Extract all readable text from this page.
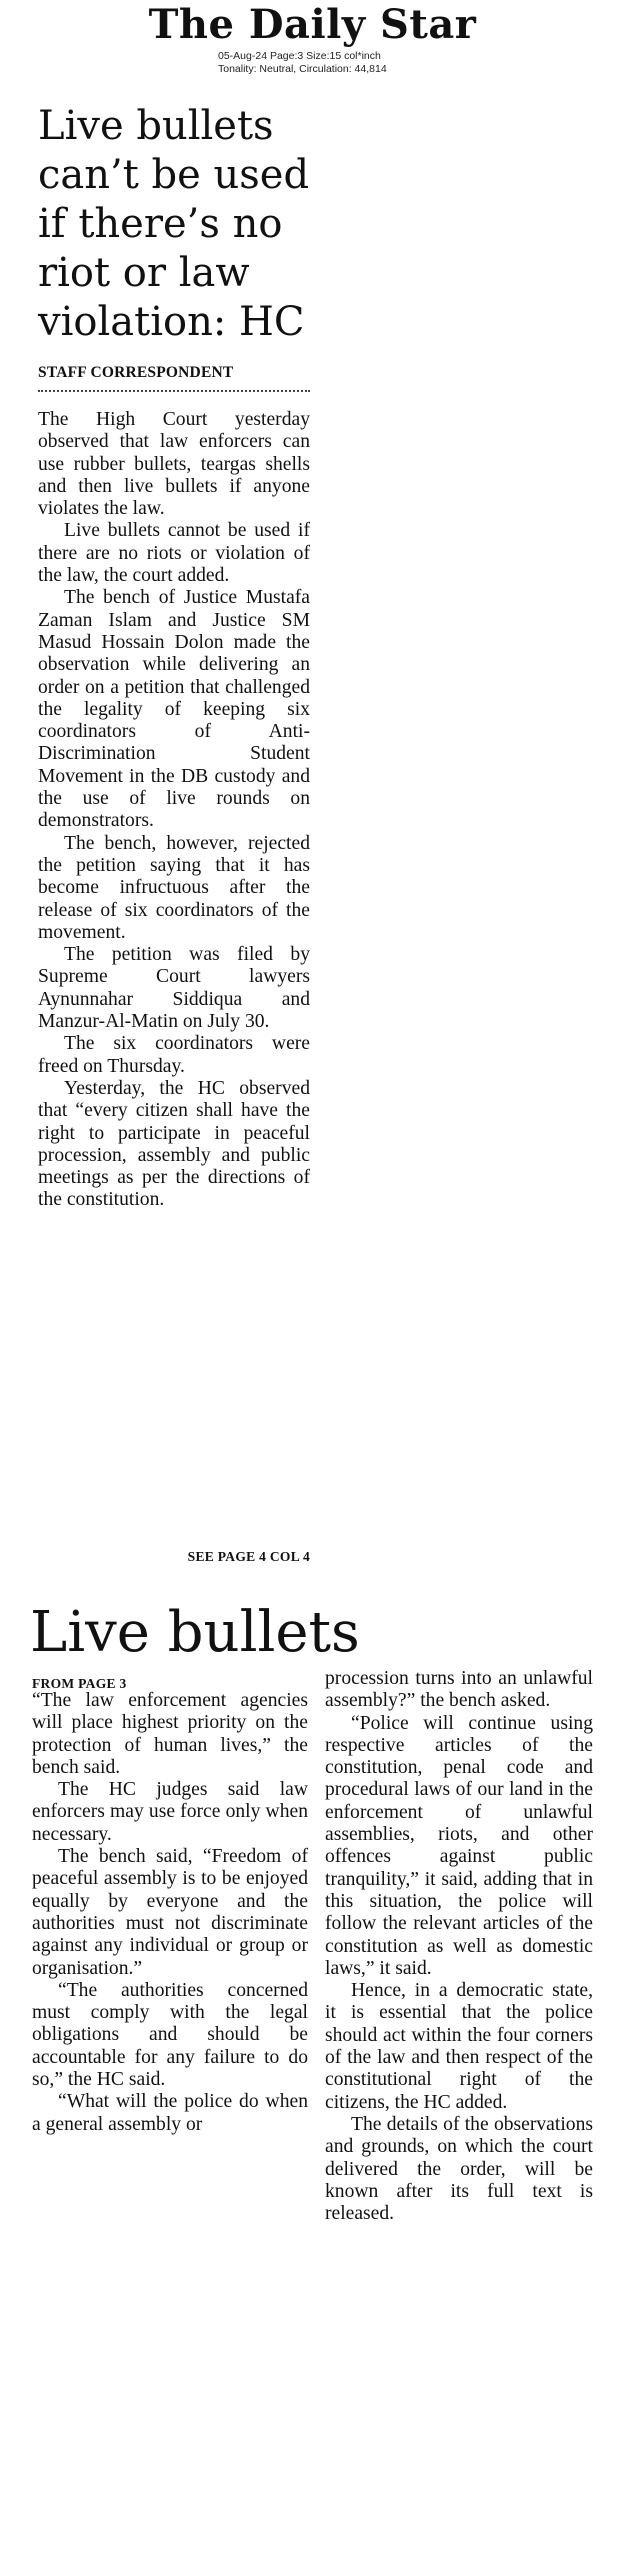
The Daily Star
05-Aug-24 Page:3 Size:15 col*inch
Tonality: Neutral, Circulation: 44,814
Live bullets can’t be used if there’s no riot or law violation: HC
STAFF CORRESPONDENT

The High Court yesterday observed that law enforcers can use rubber bullets, teargas shells and then live bullets if anyone violates the law.

Live bullets cannot be used if there are no riots or violation of the law, the court added.

The bench of Justice Mustafa Zaman Islam and Justice SM Masud Hossain Dolon made the observation while delivering an order on a petition that challenged the legality of keeping six coordinators of Anti-Discrimination Student Movement in the DB custody and the use of live rounds on demonstrators.

The bench, however, rejected the petition saying that it has become infructuous after the release of six coordinators of the movement.

The petition was filed by Supreme Court lawyers Aynunnahar Siddiqua and Manzur-Al-Matin on July 30.

The six coordinators were freed on Thursday.

Yesterday, the HC observed that “every citizen shall have the right to participate in peaceful procession, assembly and public meetings as per the directions of the constitution.

SEE PAGE 4 COL 4
Live bullets
FROM PAGE 3

“The law enforcement agencies will place highest priority on the protection of human lives,” the bench said.

The HC judges said law enforcers may use force only when necessary.

The bench said, “Freedom of peaceful assembly is to be enjoyed equally by everyone and the authorities must not discriminate against any individual or group or organisation.”

“The authorities concerned must comply with the legal obligations and should be accountable for any failure to do so,” the HC said.

“What will the police do when a general assembly or

procession turns into an unlawful assembly?” the bench asked.

“Police will continue using respective articles of the constitution, penal code and procedural laws of our land in the enforcement of unlawful assemblies, riots, and other offences against public tranquility,” it said, adding that in this situation, the police will follow the relevant articles of the constitution as well as domestic laws,” it said.

Hence, in a democratic state, it is essential that the police should act within the four corners of the law and then respect of the constitutional right of the citizens, the HC added.

The details of the observations and grounds, on which the court delivered the order, will be known after its full text is released.
